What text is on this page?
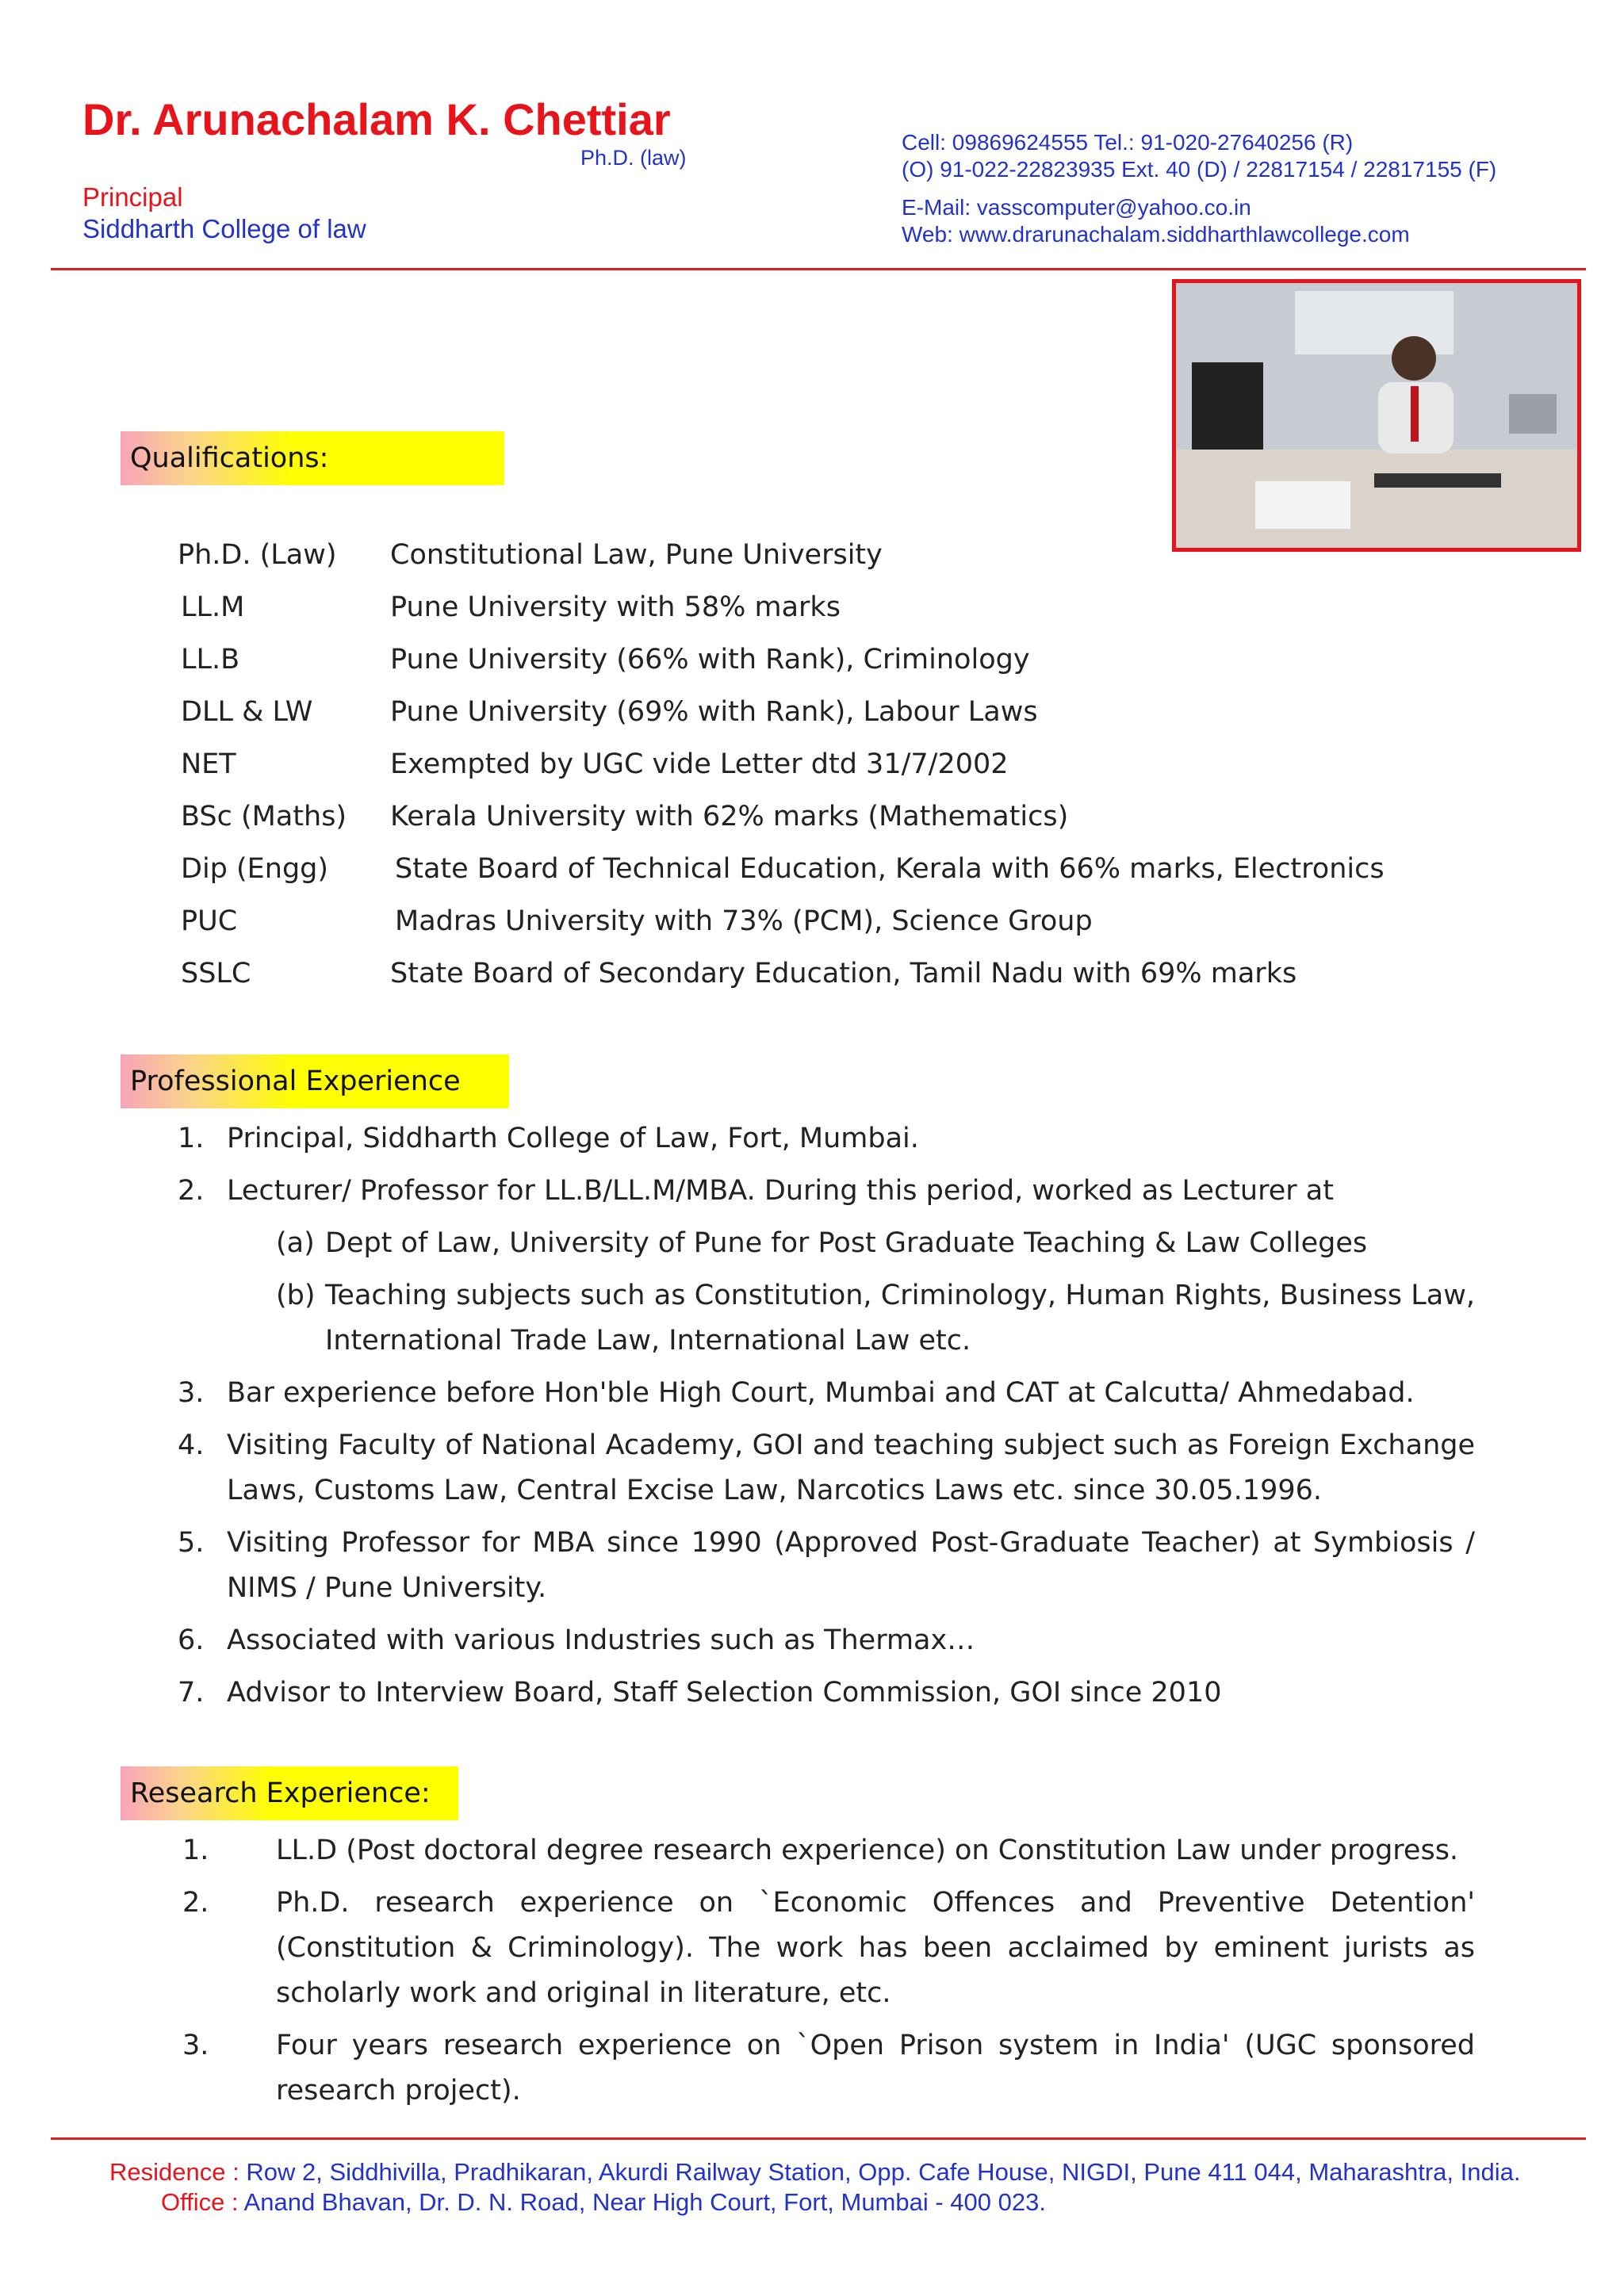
Dr. Arunachalam K. Chettiar
Ph.D. (law)
Principal
Siddharth College of law
Cell: 09869624555 Tel.: 91-020-27640256 (R)
(O) 91-022-22823935 Ext. 40 (D) / 22817154 / 22817155 (F)
E-Mail: vasscomputer@yahoo.co.in
Web: www.drarunachalam.siddharthlawcollege.com
Qualifications:
Ph.D. (Law) Constitutional Law, Pune University
LL.M	Pune University with 58% marks
LL.B	Pune University (66% with Rank), Criminology
DLL & LW	Pune University (69% with Rank), Labour Laws
NET	Exempted by UGC vide Letter dtd 31/7/2002
BSc (Maths) Kerala University with 62% marks (Mathematics)
Dip (Engg) State Board of Technical Education, Kerala with 66% marks, Electronics
PUC	Madras University with 73% (PCM), Science Group
SSLC	State Board of Secondary Education, Tamil Nadu with 69% marks
Professional Experience
1. Principal, Siddharth College of Law, Fort, Mumbai.
2. Lecturer/ Professor for LL.B/LL.M/MBA. During this period, worked as Lecturer at
(a) Dept of Law, University of Pune for Post Graduate Teaching & Law Colleges
(b) Teaching subjects such as Constitution, Criminology, Human Rights, Business Law, International Trade Law, International Law etc.
3. Bar experience before Hon'ble High Court, Mumbai and CAT at Calcutta/ Ahmedabad.
4. Visiting Faculty of National Academy, GOI and teaching subject such as Foreign Exchange Laws, Customs Law, Central Excise Law, Narcotics Laws etc. since 30.05.1996.
5. Visiting Professor for MBA since 1990 (Approved Post-Graduate Teacher) at Symbiosis / NIMS / Pune University.
6. Associated with various Industries such as Thermax…
7. Advisor to Interview Board, Staff Selection Commission, GOI since 2010
Research Experience:
1. LL.D (Post doctoral degree research experience) on Constitution Law under progress.
2. Ph.D. research experience on `Economic Offences and Preventive Detention' (Constitution & Criminology). The work has been acclaimed by eminent jurists as scholarly work and original in literature, etc.
3. Four years research experience on `Open Prison system in India' (UGC sponsored research project).
Residence : Row 2, Siddhivilla, Pradhikaran, Akurdi Railway Station, Opp. Cafe House, NIGDI, Pune 411 044, Maharashtra, India.
Office : Anand Bhavan, Dr. D. N. Road, Near High Court, Fort, Mumbai - 400 023.
